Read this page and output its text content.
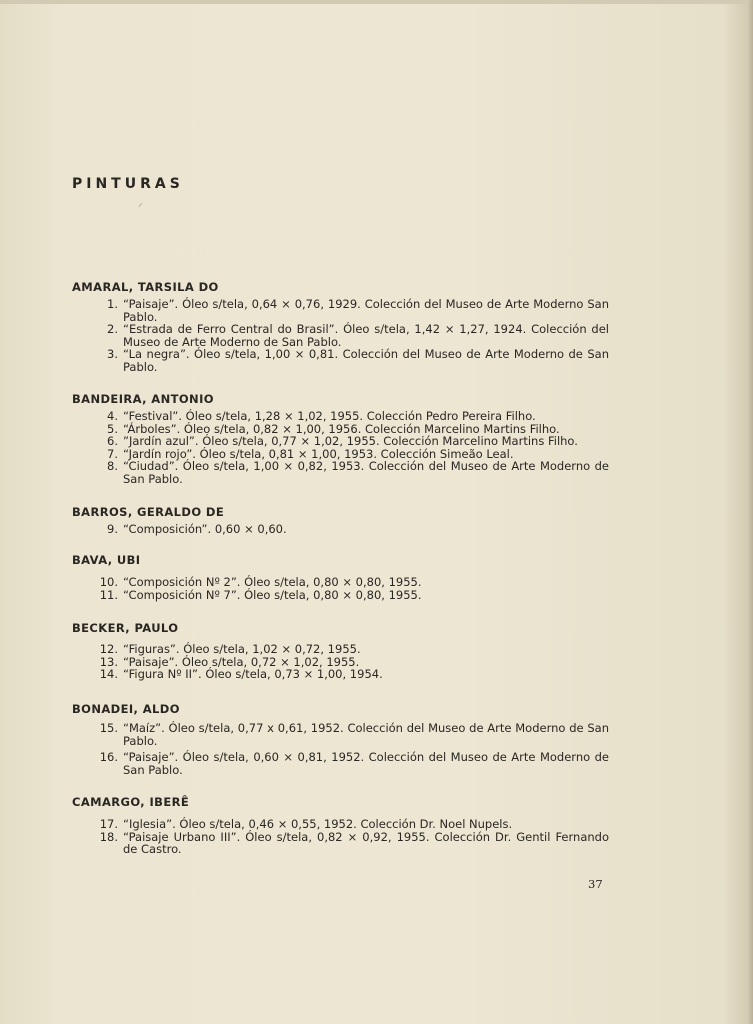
PINTURAS
⸝
AMARAL, TARSILA DO
1. “Paisaje”. Óleo s/tela, 0,64 × 0,76, 1929. Colección del Museo de Arte Moderno San Pablo.
2. “Estrada de Ferro Central do Brasil”. Óleo s/tela, 1,42 × 1,27, 1924. Colección del Museo de Arte Moderno de San Pablo.
3. “La negra”. Óleo s/tela, 1,00 × 0,81. Colección del Museo de Arte Moderno de San Pablo.
BANDEIRA, ANTONIO
4. “Festival”. Óleo s/tela, 1,28 × 1,02, 1955. Colección Pedro Pereira Filho.
5. “Árboles”. Óleo s/tela, 0,82 × 1,00, 1956. Colección Marcelino Martins Filho.
6. ”Jardín azul”. Óleo s/tela, 0,77 × 1,02, 1955. Colección Marcelino Martins Filho.
7. “Jardín rojo”. Óleo s/tela, 0,81 × 1,00, 1953. Colección Simeão Leal.
8. “Ciudad”. Óleo s/tela, 1,00 × 0,82, 1953. Colección del Museo de Arte Moderno de San Pablo.
BARROS, GERALDO DE
9. “Composición”. 0,60 × 0,60.
BAVA, UBI
10. “Composición Nº 2”. Óleo s/tela, 0,80 × 0,80, 1955.
11. “Composición Nº 7”. Óleo s/tela, 0,80 × 0,80, 1955.
BECKER, PAULO
12. “Figuras”. Óleo s/tela, 1,02 × 0,72, 1955.
13. “Paisaje”. Óleo s/tela, 0,72 × 1,02, 1955.
14. “Figura Nº II”. Óleo s/tela, 0,73 × 1,00, 1954.
BONADEI, ALDO
15. “Maíz”. Óleo s/tela, 0,77 x 0,61, 1952. Colección del Museo de Arte Moderno de San Pablo.
16. “Paisaje”. Óleo s/tela, 0,60 × 0,81, 1952. Colección del Museo de Arte Moderno de San Pablo.
CAMARGO, IBERÊ
17. “Iglesia”. Óleo s/tela, 0,46 × 0,55, 1952. Colección Dr. Noel Nupels.
18. “Paisaje Urbano III”. Óleo s/tela, 0,82 × 0,92, 1955. Colección Dr. Gentil Fernando de Castro.
37
